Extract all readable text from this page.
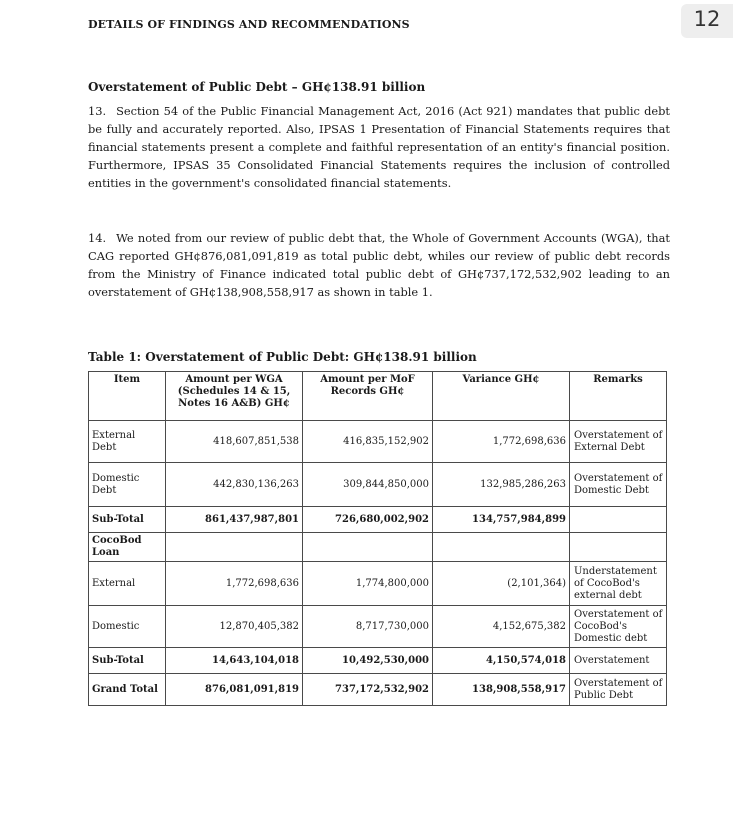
12
DETAILS OF FINDINGS AND RECOMMENDATIONS
Overstatement of Public Debt – GH¢138.91 billion

13. Section 54 of the Public Financial Management Act, 2016 (Act 921) mandates that public debt be fully and accurately reported. Also, IPSAS 1 Presentation of Financial Statements requires that financial statements present a complete and faithful representation of an entity's financial position. Furthermore, IPSAS 35 Consolidated Financial Statements requires the inclusion of controlled entities in the government's consolidated financial statements.

14. We noted from our review of public debt that, the Whole of Government Accounts (WGA), that CAG reported GH¢876,081,091,819 as total public debt, whiles our review of public debt records from the Ministry of Finance indicated total public debt of GH¢737,172,532,902 leading to an overstatement of GH¢138,908,558,917 as shown in table 1.

Table 1: Overstatement of Public Debt: GH¢138.91 billion
Item	Amount per WGA (Schedules 14 & 15, Notes 16 A&B) GH¢	Amount per MoF Records GH¢	Variance GH¢	Remarks
External Debt	418,607,851,538	416,835,152,902	1,772,698,636	Overstatement of External Debt
Domestic Debt	442,830,136,263	309,844,850,000	132,985,286,263	Overstatement of Domestic Debt
Sub-Total	861,437,987,801	726,680,002,902	134,757,984,899	
CocoBod Loan				
External	1,772,698,636	1,774,800,000	(2,101,364)	Understatement of CocoBod's external debt
Domestic	12,870,405,382	8,717,730,000	4,152,675,382	Overstatement of CocoBod's Domestic debt
Sub-Total	14,643,104,018	10,492,530,000	4,150,574,018	Overstatement
Grand Total	876,081,091,819	737,172,532,902	138,908,558,917	Overstatement of Public Debt
